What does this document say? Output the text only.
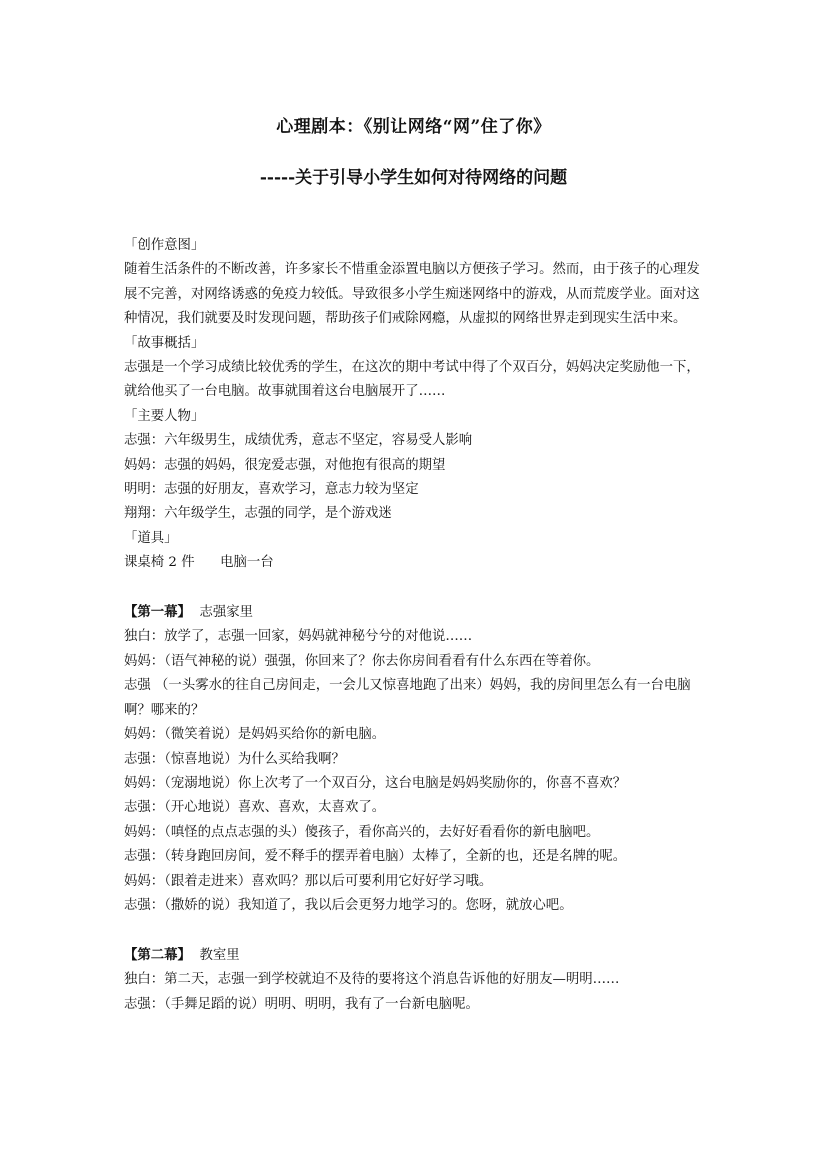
心理剧本：《别让网络“网”住了你》
-----关于引导小学生如何对待网络的问题

「创作意图」

随着生活条件的不断改善，许多家长不惜重金添置电脑以方便孩子学习。然而，由于孩子的心理发展不完善，对网络诱惑的免疫力较低。导致很多小学生痴迷网络中的游戏，从而荒废学业。面对这种情况，我们就要及时发现问题，帮助孩子们戒除网瘾，从虚拟的网络世界走到现实生活中来。

「故事概括」

志强是一个学习成绩比较优秀的学生，在这次的期中考试中得了个双百分，妈妈决定奖励他一下，就给他买了一台电脑。故事就围着这台电脑展开了……

「主要人物」

志强：六年级男生，成绩优秀，意志不坚定，容易受人影响

妈妈：志强的妈妈，很宠爱志强，对他抱有很高的期望

明明：志强的好朋友，喜欢学习，意志力较为坚定

翔翔：六年级学生，志强的同学，是个游戏迷

「道具」

课桌椅 2 件      电脑一台

【第一幕】  志强家里

独白：放学了，志强一回家，妈妈就神秘兮兮的对他说……

妈妈：（语气神秘的说）强强，你回来了？你去你房间看看有什么东西在等着你。

志强 （一头雾水的往自己房间走，一会儿又惊喜地跑了出来）妈妈，我的房间里怎么有一台电脑啊？哪来的？

妈妈：（微笑着说）是妈妈买给你的新电脑。

志强：（惊喜地说）为什么买给我啊？

妈妈：（宠溺地说）你上次考了一个双百分，这台电脑是妈妈奖励你的，你喜不喜欢？

志强：（开心地说）喜欢、喜欢，太喜欢了。

妈妈：（嗔怪的点点志强的头）傻孩子，看你高兴的，去好好看看你的新电脑吧。

志强：（转身跑回房间，爱不释手的摆弄着电脑）太棒了，全新的也，还是名牌的呢。

妈妈：（跟着走进来）喜欢吗？那以后可要利用它好好学习哦。

志强：（撒娇的说）我知道了，我以后会更努力地学习的。您呀，就放心吧。

【第二幕】  教室里

独白：第二天，志强一到学校就迫不及待的要将这个消息告诉他的好朋友—明明……

志强：（手舞足蹈的说）明明、明明，我有了一台新电脑呢。
